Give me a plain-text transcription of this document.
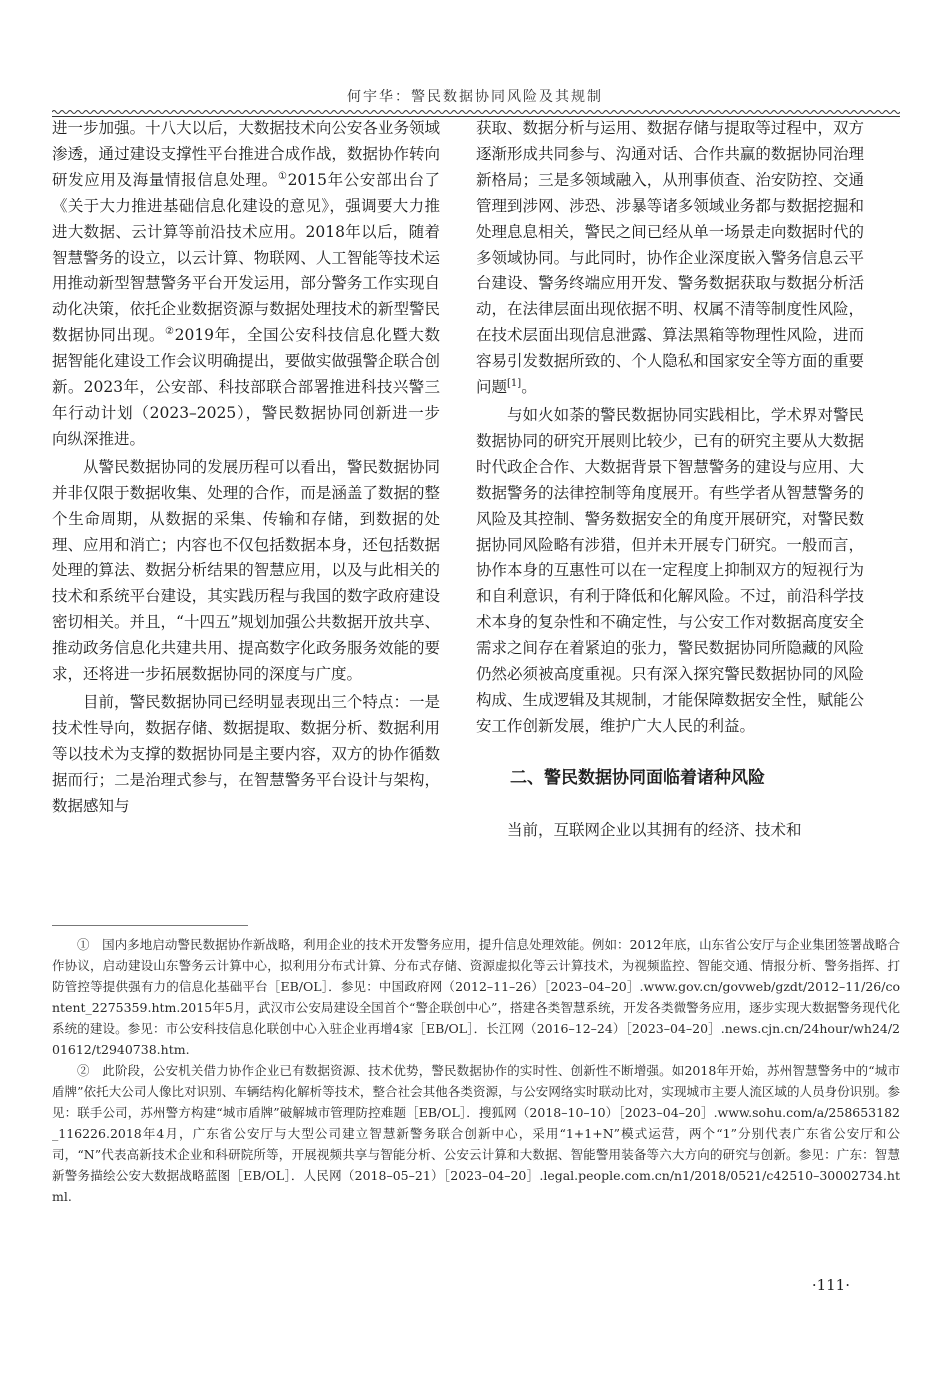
何宇华：警民数据协同风险及其规制

进一步加强。十八大以后，大数据技术向公安各业务领域渗透，通过建设支撑性平台推进合成作战，数据协作转向研发应用及海量情报信息处理。①2015年公安部出台了《关于大力推进基础信息化建设的意见》，强调要大力推进大数据、云计算等前沿技术应用。2018年以后，随着智慧警务的设立，以云计算、物联网、人工智能等技术运用推动新型智慧警务平台开发运用，部分警务工作实现自动化决策，依托企业数据资源与数据处理技术的新型警民数据协同出现。②2019年，全国公安科技信息化暨大数据智能化建设工作会议明确提出，要做实做强警企联合创新。2023年，公安部、科技部联合部署推进科技兴警三年行动计划（2023–2025），警民数据协同创新进一步向纵深推进。

从警民数据协同的发展历程可以看出，警民数据协同并非仅限于数据收集、处理的合作，而是涵盖了数据的整个生命周期，从数据的采集、传输和存储，到数据的处理、应用和消亡；内容也不仅包括数据本身，还包括数据处理的算法、数据分析结果的智慧应用，以及与此相关的技术和系统平台建设，其实践历程与我国的数字政府建设密切相关。并且，“十四五”规划加强公共数据开放共享、推动政务信息化共建共用、提高数字化政务服务效能的要求，还将进一步拓展数据协同的深度与广度。

目前，警民数据协同已经明显表现出三个特点：一是技术性导向，数据存储、数据提取、数据分析、数据利用等以技术为支撑的数据协同是主要内容，双方的协作循数据而行；二是治理式参与，在智慧警务平台设计与架构，数据感知与

获取、数据分析与运用、数据存储与提取等过程中，双方逐渐形成共同参与、沟通对话、合作共赢的数据协同治理新格局；三是多领域融入，从刑事侦查、治安防控、交通管理到涉网、涉恐、涉暴等诸多领域业务都与数据挖掘和处理息息相关，警民之间已经从单一场景走向数据时代的多领域协同。与此同时，协作企业深度嵌入警务信息云平台建设、警务终端应用开发、警务数据获取与数据分析活动，在法律层面出现依据不明、权属不清等制度性风险，在技术层面出现信息泄露、算法黑箱等物理性风险，进而容易引发数据所致的、个人隐私和国家安全等方面的重要问题[1]。

与如火如荼的警民数据协同实践相比，学术界对警民数据协同的研究开展则比较少，已有的研究主要从大数据时代政企合作、大数据背景下智慧警务的建设与应用、大数据警务的法律控制等角度展开。有些学者从智慧警务的风险及其控制、警务数据安全的角度开展研究，对警民数据协同风险略有涉猎，但并未开展专门研究。一般而言，协作本身的互惠性可以在一定程度上抑制双方的短视行为和自利意识，有利于降低和化解风险。不过，前沿科学技术本身的复杂性和不确定性，与公安工作对数据高度安全需求之间存在着紧迫的张力，警民数据协同所隐藏的风险仍然必须被高度重视。只有深入探究警民数据协同的风险构成、生成逻辑及其规制，才能保障数据安全性，赋能公安工作创新发展，维护广大人民的利益。

二、警民数据协同面临着诸种风险

当前，互联网企业以其拥有的经济、技术和

①　国内多地启动警民数据协作新战略，利用企业的技术开发警务应用，提升信息处理效能。例如：2012年底，山东省公安厅与企业集团签署战略合作协议，启动建设山东警务云计算中心，拟利用分布式计算、分布式存储、资源虚拟化等云计算技术，为视频监控、智能交通、情报分析、警务指挥、打防管控等提供强有力的信息化基础平台［EB/OL］．参见：中国政府网（2012–11–26）［2023–04–20］.www.gov.cn/govweb/gzdt/2012–11/26/content_2275359.htm.2015年5月，武汉市公安局建设全国首个“警企联创中心”，搭建各类智慧系统，开发各类微警务应用，逐步实现大数据警务现代化系统的建设。参见：市公安科技信息化联创中心入驻企业再增4家［EB/OL］．长江网（2016–12–24）［2023–04–20］.news.cjn.cn/24hour/wh24/201612/t2940738.htm.

②　此阶段，公安机关借力协作企业已有数据资源、技术优势，警民数据协作的实时性、创新性不断增强。如2018年开始，苏州智慧警务中的“城市盾牌”依托大公司人像比对识别、车辆结构化解析等技术，整合社会其他各类资源，与公安网络实时联动比对，实现城市主要人流区域的人员身份识别。参见：联手公司，苏州警方构建“城市盾牌”破解城市管理防控难题［EB/OL］．搜狐网（2018–10–10）［2023–04–20］.www.sohu.com/a/258653182_116226.2018年4月，广东省公安厅与大型公司建立智慧新警务联合创新中心，采用“1+1+N”模式运营，两个“1”分别代表广东省公安厅和公司，“N”代表高新技术企业和科研院所等，开展视频共享与智能分析、公安云计算和大数据、智能警用装备等六大方向的研究与创新。参见：广东：智慧新警务描绘公安大数据战略蓝图［EB/OL］．人民网（2018–05–21）［2023–04–20］.legal.people.com.cn/n1/2018/0521/c42510–30002734.html.

·111·
